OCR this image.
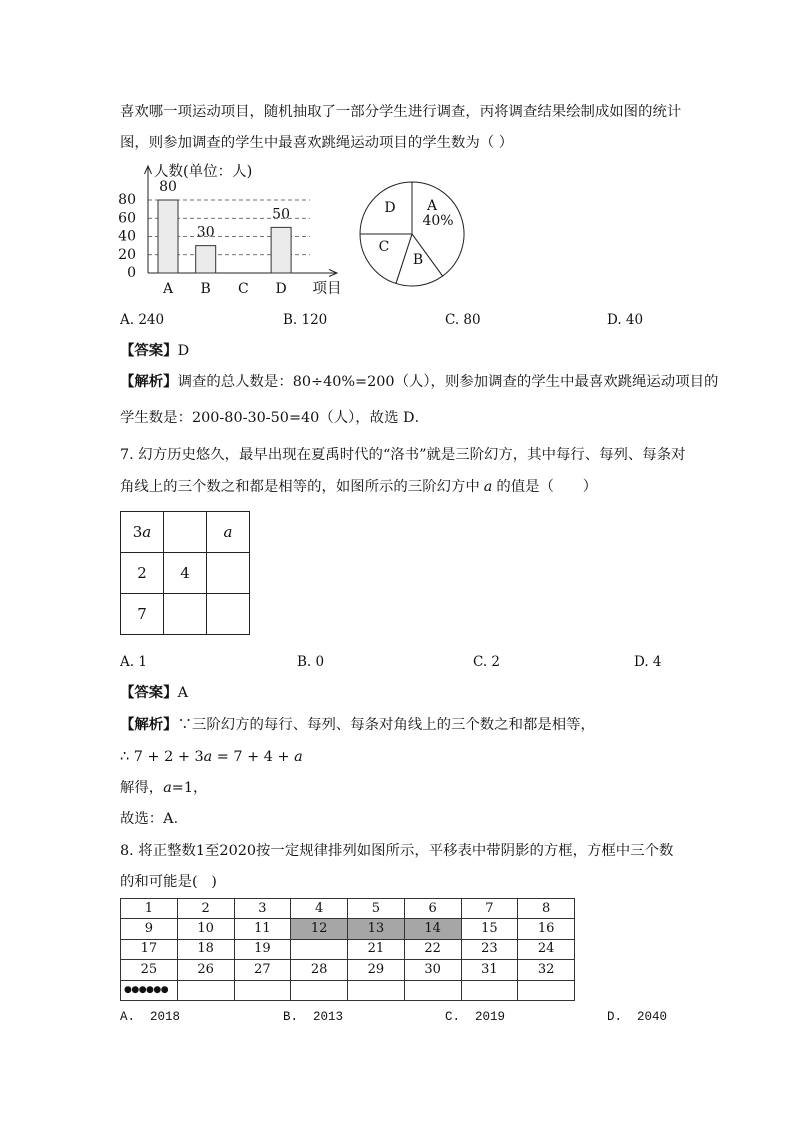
喜欢哪一项运动项目，随机抽取了一部分学生进行调查，丙将调查结果绘制成如图的统计
图，则参加调查的学生中最喜欢跳绳运动项目的学生数为（ ）
人数(单位：人)
项目
0
20
40
60
80
80
30
50
A B C D
D A
40%
C
B
A. 240	B. 120	C. 80	D. 40
【答案】D
【解析】调查的总人数是：80÷40%=200（人），则参加调查的学生中最喜欢跳绳运动项目的
学生数是：200-80-30-50=40（人），故选 D．
7. 幻方历史悠久，最早出现在夏禹时代的“洛书”就是三阶幻方，其中每行、每列、每条对
角线上的三个数之和都是相等的，如图所示的三阶幻方中 a 的值是（　　）
3a		a
2	4	
7		
A. 1	B. 0	C. 2	D. 4
【答案】A
【解析】∵三阶幻方的每行、每列、每条对角线上的三个数之和都是相等，
∴ 7 + 2 + 3a = 7 + 4 + a
解得，a=1，
故选：A．
8. 将正整数1至2020按一定规律排列如图所示，平移表中带阴影的方框，方框中三个数
的和可能是(   )
1	2	3	4	5	6	7	8
9	10	11	12	13	14	15	16
17	18	19		21	22	23	24
25	26	27	28	29	30	31	32
●●●●●●							
A.  2018	B.  2013	C.  2019	D.  2040
